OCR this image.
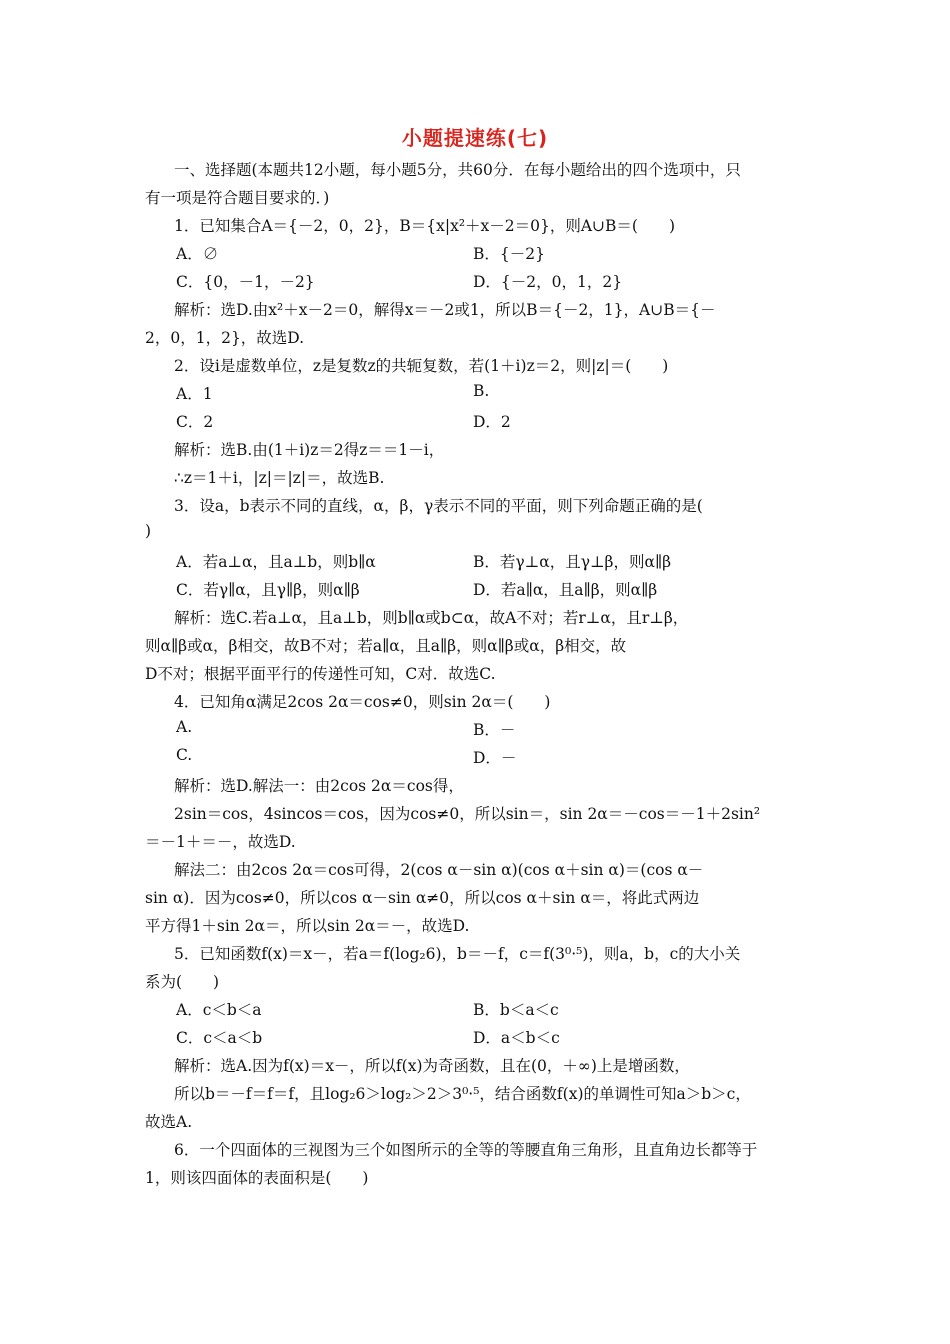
小题提速练(七)
一、选择题(本题共12小题，每小题5分，共60分．在每小题给出的四个选项中，只
有一项是符合题目要求的．)
1．已知集合A＝{－2，0，2}，B＝{x|x²＋x－2＝0}，则A∪B＝(　　)
A．∅	B．{－2}
C．{0，－1，－2}	D．{－2，0，1，2}
解析：选D.由x²＋x－2＝0，解得x＝－2或1，所以B＝{－2，1}，A∪B＝{－
2，0，1，2}，故选D.
2．设i是虚数单位，z是复数z的共轭复数，若(1＋i)z＝2，则|z|＝(　　)
A．1	B.
C．2	D．2
解析：选B.由(1＋i)z＝2得z＝＝1－i，
∴z＝1＋i，|z|＝|z|＝，故选B.
3．设a，b表示不同的直线，α，β，γ表示不同的平面，则下列命题正确的是(
)
A．若a⊥α，且a⊥b，则b∥α	B．若γ⊥α，且γ⊥β，则α∥β
C．若γ∥α，且γ∥β，则α∥β	D．若a∥α，且a∥β，则α∥β
解析：选C.若a⊥α，且a⊥b，则b∥α或b⊂α，故A不对；若r⊥α，且r⊥β，
则α∥β或α，β相交，故B不对；若a∥α，且a∥β，则α∥β或α，β相交，故
D不对；根据平面平行的传递性可知，C对．故选C.
4．已知角α满足2cos 2α＝cos≠0，则sin 2α＝(　　)
A.	B．－
C.	D．－
解析：选D.解法一：由2cos 2α＝cos得，
2sin＝cos，4sincos＝cos，因为cos≠0，所以sin＝，sin 2α＝－cos＝－1＋2sin²
＝－1＋＝－，故选D.
解法二：由2cos 2α＝cos可得，2(cos α－sin α)(cos α＋sin α)＝(cos α－
sin α)．因为cos≠0，所以cos α－sin α≠0，所以cos α＋sin α＝，将此式两边
平方得1＋sin 2α＝，所以sin 2α＝－，故选D.
5．已知函数f(x)＝x－，若a＝f(log₂6)，b＝－f，c＝f(3⁰·⁵)，则a，b，c的大小关
系为(　　)
A．c＜b＜a	B．b＜a＜c
C．c＜a＜b	D．a＜b＜c
解析：选A.因为f(x)＝x－，所以f(x)为奇函数，且在(0，＋∞)上是增函数，
所以b＝－f＝f＝f，且log₂6＞log₂＞2＞3⁰·⁵，结合函数f(x)的单调性可知a＞b＞c，
故选A.
6．一个四面体的三视图为三个如图所示的全等的等腰直角三角形，且直角边长都等于
1，则该四面体的表面积是(　　)
